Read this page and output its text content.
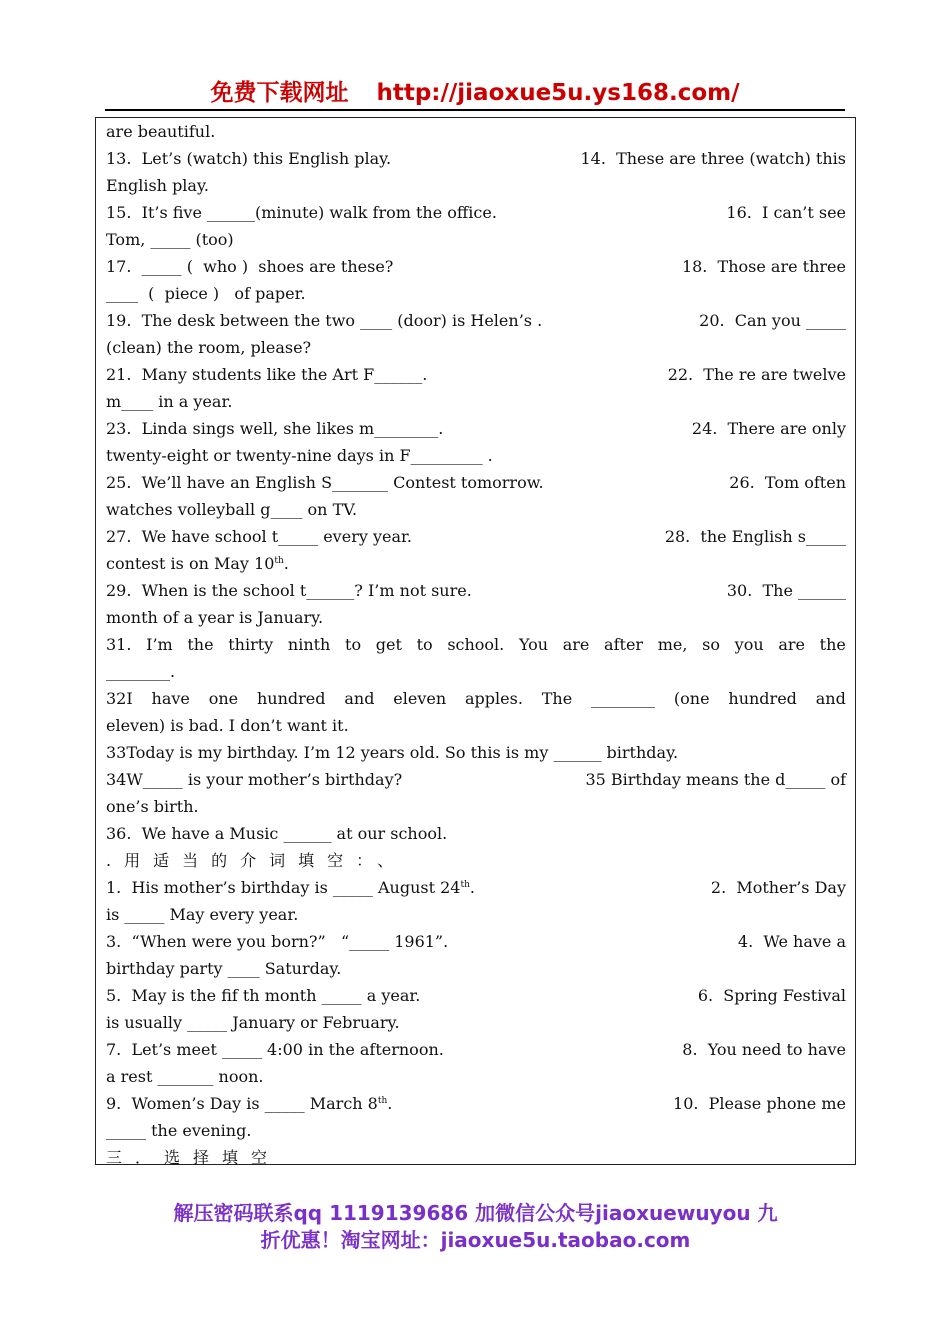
免费下载网址 http://jiaoxue5u.ys168.com/
are beautiful.
13.  Let’s (watch) this English play.	14.  These are three (watch) this
English play.
15.  It’s five ______(minute) walk from the office.	16.  I can’t see
Tom, _____ (too)
17.  _____ (  who )  shoes are these?	18.  Those are three
____  (  piece )   of paper.
19.  The desk between the two ____ (door) is Helen’s .	20.  Can you _____
(clean) the room, please?
21.  Many students like the Art F______.	22.  The re are twelve
m____ in a year.
23.  Linda sings well, she likes m________.	24.  There are only
twenty-eight or twenty-nine days in F_________ .
25.  We’ll have an English S_______ Contest tomorrow.	26.  Tom often
watches volleyball g____ on TV.
27.  We have school t_____ every year.	28.  the English s_____
contest is on May 10th.
29.  When is the school t______? I’m not sure.	30.  The ______
month of a year is January.
31. I’m the thirty ninth to get to school. You are after me, so you are the
________.
32I have one hundred and eleven apples. The ________ (one hundred and
eleven) is bad. I don’t want it.
33Today is my birthday. I’m 12 years old. So this is my ______ birthday.
34W_____ is your mother’s birthday?	35 Birthday means the d_____ of
one’s birth.
36.  We have a Music ______ at our school.
.用适当的介词填空：、
1.  His mother’s birthday is _____ August 24th.	2.  Mother’s Day
is _____ May every year.
3.  “When were you born?”   “_____ 1961”.	4.  We have a
birthday party ____ Saturday.
5.  May is the fif th month _____ a year.	6.  Spring Festival
is usually _____ January or February.
7.  Let’s meet _____ 4:00 in the afternoon.	8.  You need to have
a rest _______ noon.
9.  Women’s Day is _____ March 8th.	10.  Please phone me
_____ the evening.
三．选择填空
解压密码联系qq 1119139686 加微信公众号jiaoxuewuyou 九
折优惠！淘宝网址：jiaoxue5u.taobao.com
